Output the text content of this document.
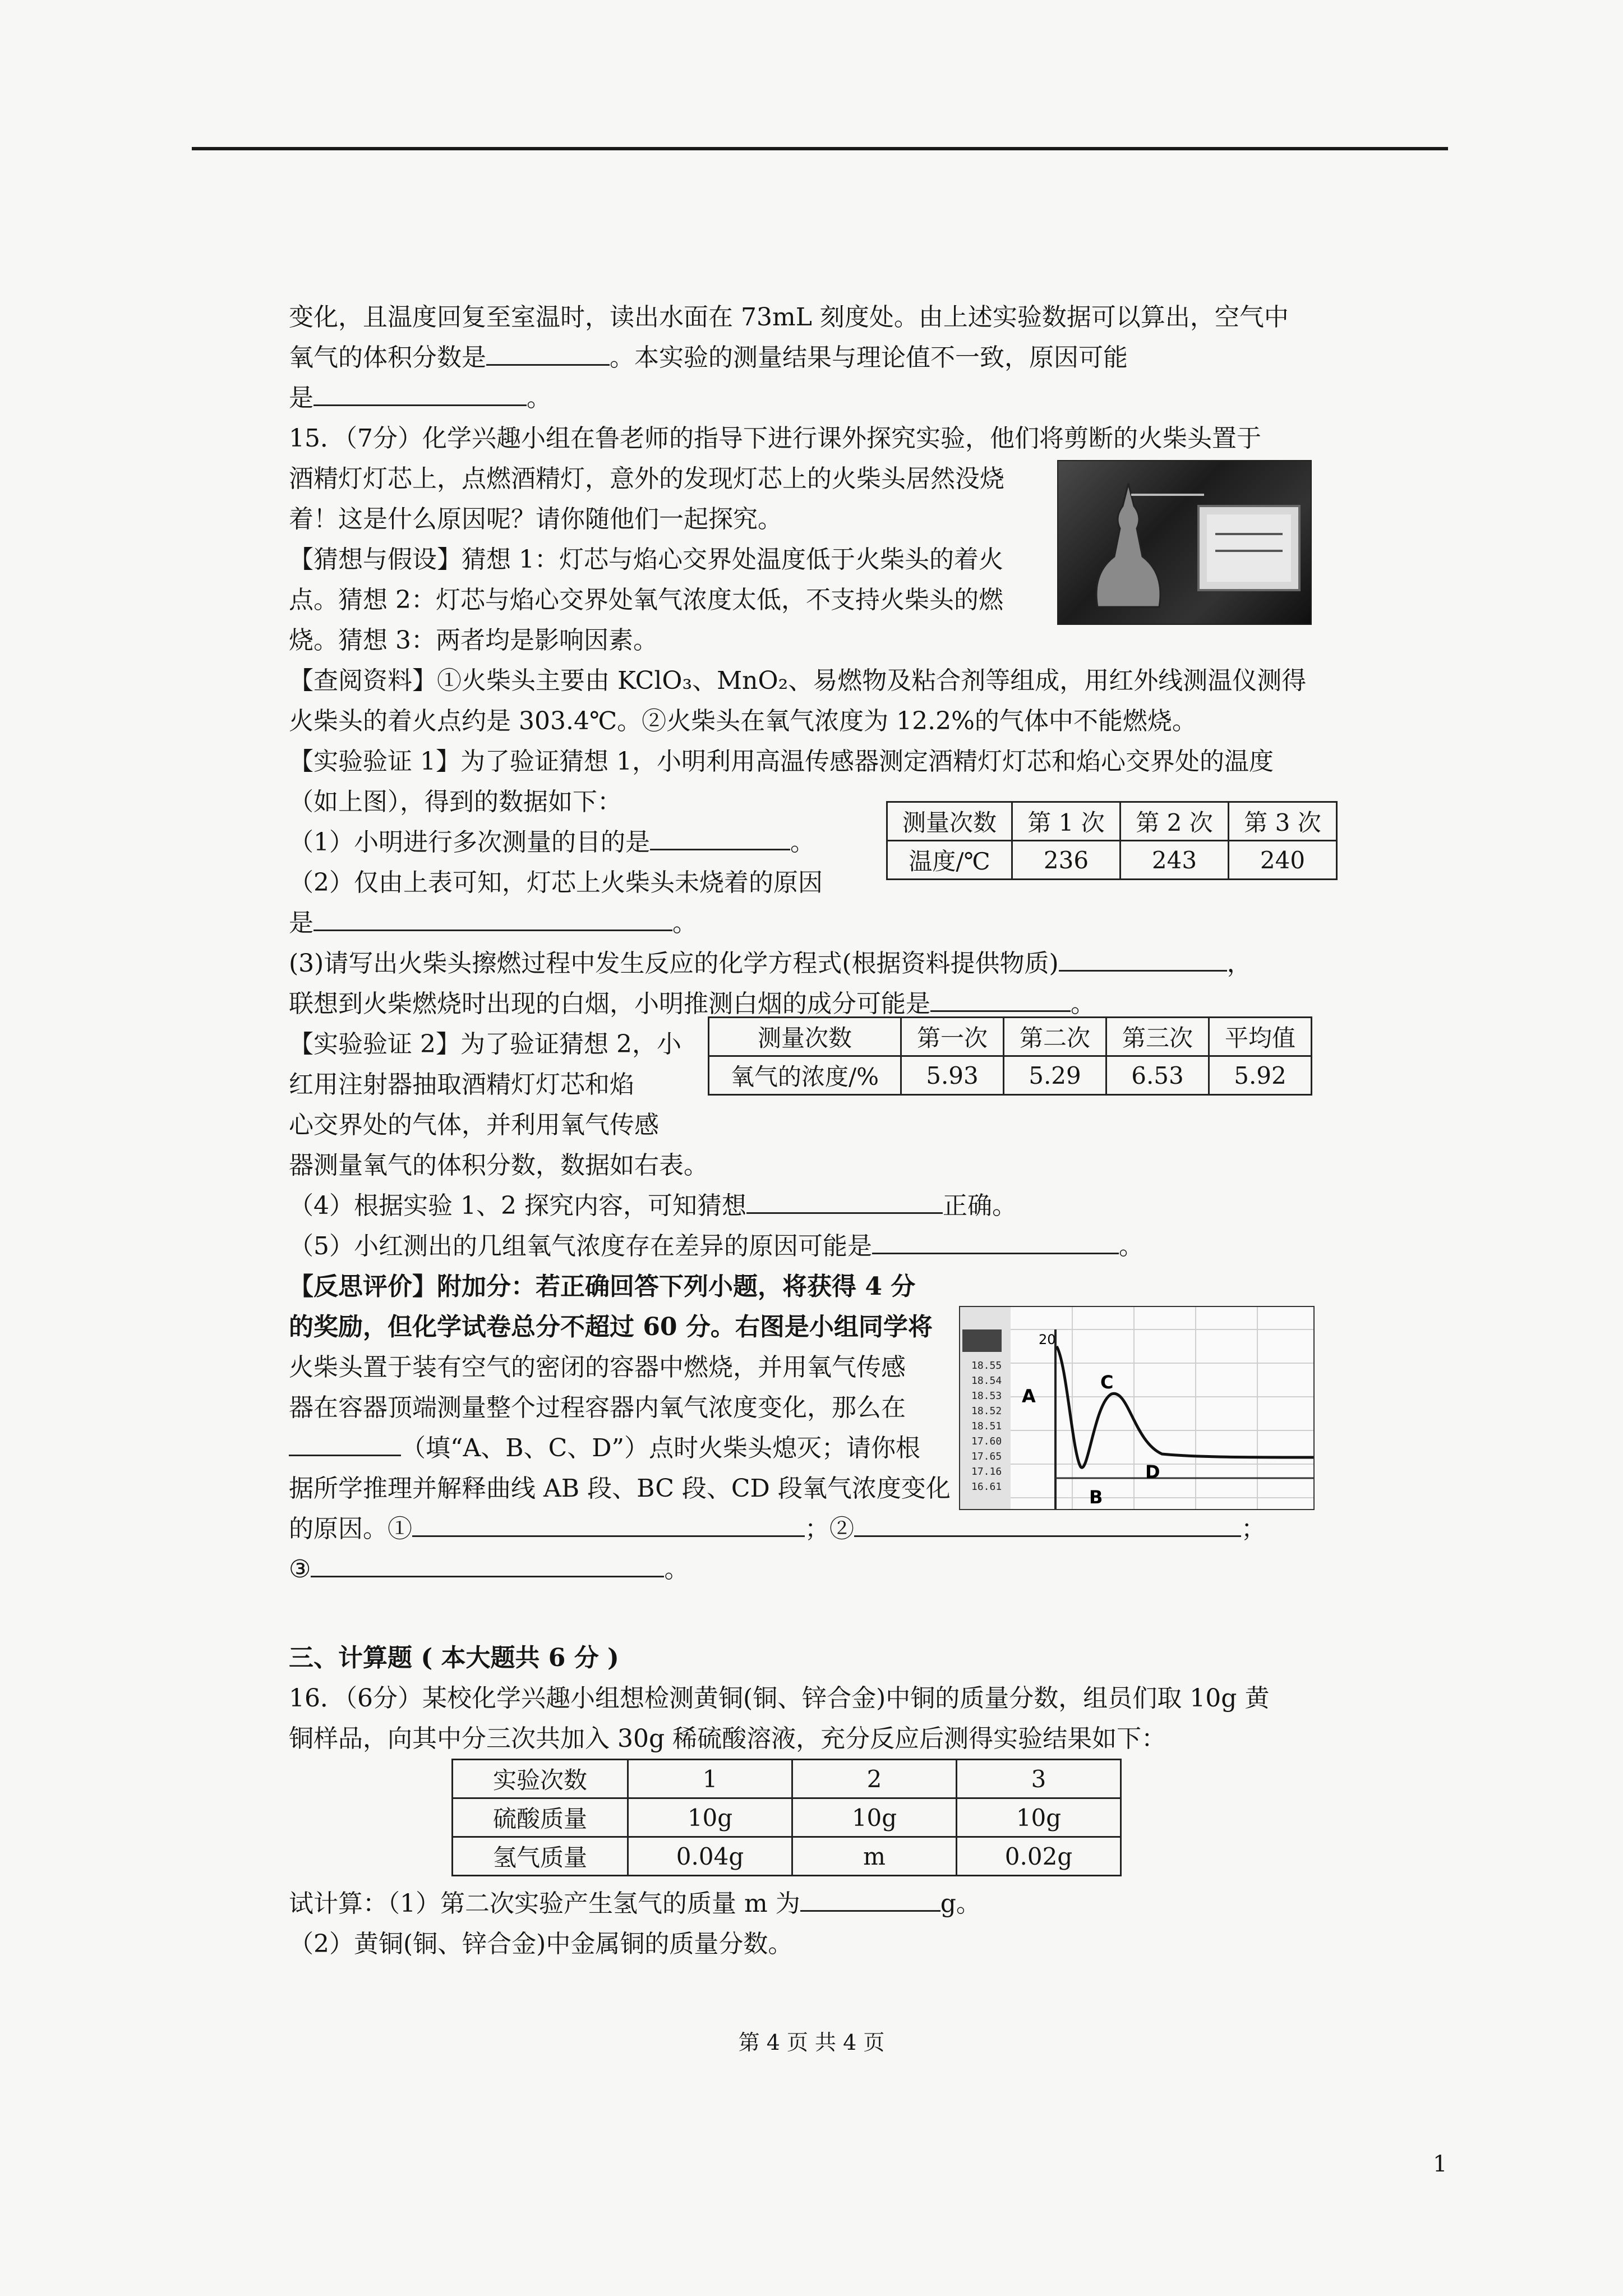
变化，且温度回复至室温时，读出水面在 73mL 刻度处。由上述实验数据可以算出，空气中
氧气的体积分数是	。本实验的测量结果与理论值不一致，原因可能
是	。
15．（7分）化学兴趣小组在鲁老师的指导下进行课外探究实验，他们将剪断的火柴头置于
酒精灯灯芯上，点燃酒精灯，意外的发现灯芯上的火柴头居然没烧
着！这是什么原因呢？请你随他们一起探究。
【猜想与假设】猜想 1：灯芯与焰心交界处温度低于火柴头的着火
点。猜想 2：灯芯与焰心交界处氧气浓度太低，不支持火柴头的燃
烧。猜想 3：两者均是影响因素。
【查阅资料】①火柴头主要由 KClO₃、MnO₂、易燃物及粘合剂等组成，用红外线测温仪测得
火柴头的着火点约是 303.4℃。②火柴头在氧气浓度为 12.2%的气体中不能燃烧。
【实验验证 1】为了验证猜想 1，小明利用高温传感器测定酒精灯灯芯和焰心交界处的温度
（如上图），得到的数据如下：
（1）小明进行多次测量的目的是	。
（2）仅由上表可知，灯芯上火柴头未烧着的原因
是	。
(3)请写出火柴头擦燃过程中发生反应的化学方程式(根据资料提供物质)	，
联想到火柴燃烧时出现的白烟，小明推测白烟的成分可能是	。
【实验验证 2】为了验证猜想 2，小
红用注射器抽取酒精灯灯芯和焰
心交界处的气体，并利用氧气传感
器测量氧气的体积分数，数据如右表。
（4）根据实验 1、2 探究内容，可知猜想	正确。
（5）小红测出的几组氧气浓度存在差异的原因可能是	。
【反思评价】附加分：若正确回答下列小题，将获得 4 分
的奖励，但化学试卷总分不超过 60 分。右图是小组同学将
火柴头置于装有空气的密闭的容器中燃烧，并用氧气传感
器在容器顶端测量整个过程容器内氧气浓度变化，那么在
（填“A、B、C、D”）点时火柴头熄灭；请你根
据所学推理并解释曲线 AB 段、BC 段、CD 段氧气浓度变化
的原因。①	；②	；
③	。
测量次数	第 1 次	第 2 次	第 3 次
温度/℃	236	243	240
测量次数	第一次	第二次	第三次	平均值
氧气的浓度/%	5.93	5.29	6.53	5.92
18.55
18.54
18.53
18.52
18.51
17.60
17.65
17.16
16.61
20
A
B
C
D
三、计算题 ( 本大题共 6 分 )
16．（6分）某校化学兴趣小组想检测黄铜(铜、锌合金)中铜的质量分数，组员们取 10g 黄
铜样品，向其中分三次共加入 30g 稀硫酸溶液，充分反应后测得实验结果如下：
实验次数	1	2	3
硫酸质量	10g	10g	10g
氢气质量	0.04g	m	0.02g
试计算：（1）第二次实验产生氢气的质量 m 为	g。
（2）黄铜(铜、锌合金)中金属铜的质量分数。
第 4 页 共 4 页
1
